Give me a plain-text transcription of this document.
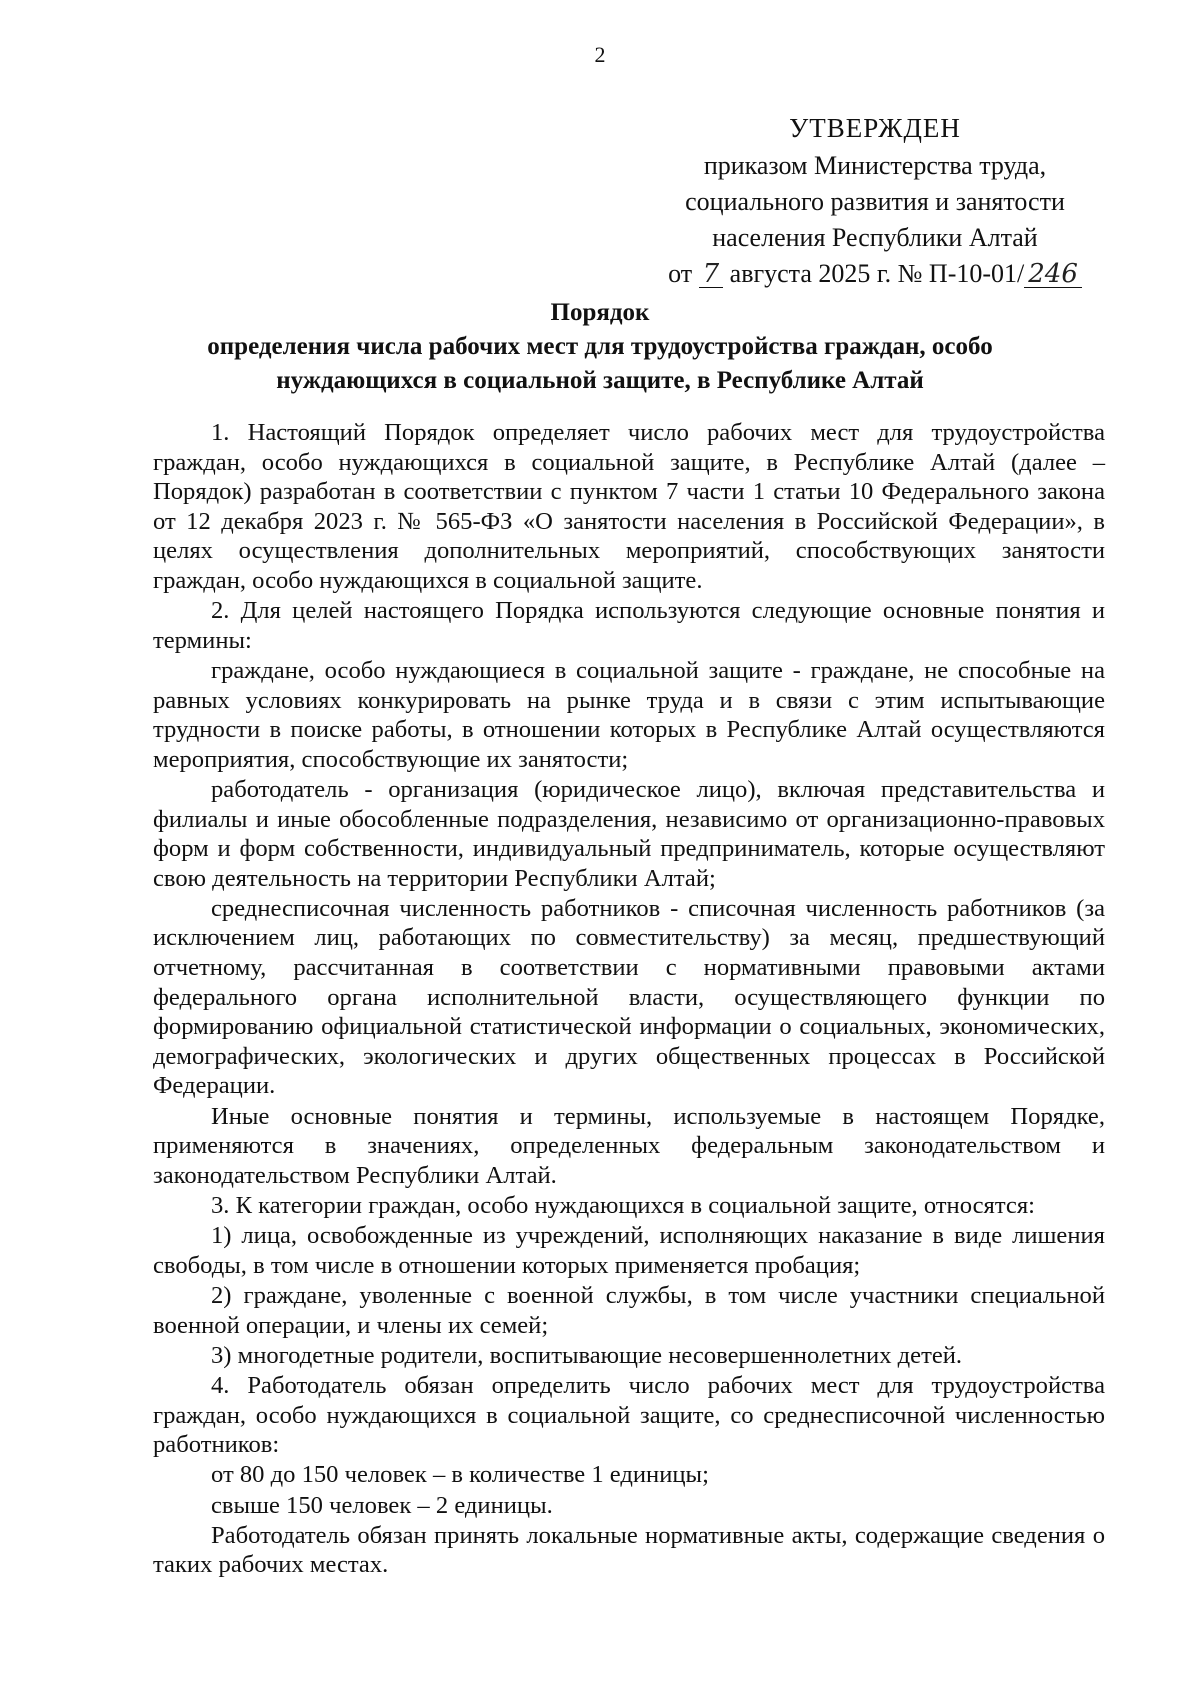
2
УТВЕРЖДЕН
приказом Министерства труда,
социального развития и занятости
населения Республики Алтай
от 7 августа 2025 г. № П-10-01/ 246
Порядок
определения числа рабочих мест для трудоустройства граждан, особо
нуждающихся в социальной защите, в Республике Алтай

1. Настоящий Порядок определяет число рабочих мест для трудоустройства граждан, особо нуждающихся в социальной защите, в Республике Алтай (далее – Порядок) разработан в соответствии с пунктом 7 части 1 статьи 10 Федерального закона от 12 декабря 2023 г. № 565-ФЗ «О занятости населения в Российской Федерации», в целях осуществления дополнительных мероприятий, способствующих занятости граждан, особо нуждающихся в социальной защите.

2. Для целей настоящего Порядка используются следующие основные понятия и термины:

граждане, особо нуждающиеся в социальной защите - граждане, не способные на равных условиях конкурировать на рынке труда и в связи с этим испытывающие трудности в поиске работы, в отношении которых в Республике Алтай осуществляются мероприятия, способствующие их занятости;

работодатель - организация (юридическое лицо), включая представительства и филиалы и иные обособленные подразделения, независимо от организационно-правовых форм и форм собственности, индивидуальный предприниматель, которые осуществляют свою деятельность на территории Республики Алтай;

среднесписочная численность работников - списочная численность работников (за исключением лиц, работающих по совместительству) за месяц, предшествующий отчетному, рассчитанная в соответствии с нормативными правовыми актами федерального органа исполнительной власти, осуществляющего функции по формированию официальной статистической информации о социальных, экономических, демографических, экологических и других общественных процессах в Российской Федерации.

Иные основные понятия и термины, используемые в настоящем Порядке, применяются в значениях, определенных федеральным законодательством и законодательством Республики Алтай.

3. К категории граждан, особо нуждающихся в социальной защите, относятся:

1) лица, освобожденные из учреждений, исполняющих наказание в виде лишения свободы, в том числе в отношении которых применяется пробация;

2) граждане, уволенные с военной службы, в том числе участники специальной военной операции, и члены их семей;

3) многодетные родители, воспитывающие несовершеннолетних детей.

4. Работодатель обязан определить число рабочих мест для трудоустройства граждан, особо нуждающихся в социальной защите, со среднесписочной численностью работников:

от 80 до 150 человек – в количестве 1 единицы;

свыше 150 человек – 2 единицы.

Работодатель обязан принять локальные нормативные акты, содержащие сведения о таких рабочих местах.
